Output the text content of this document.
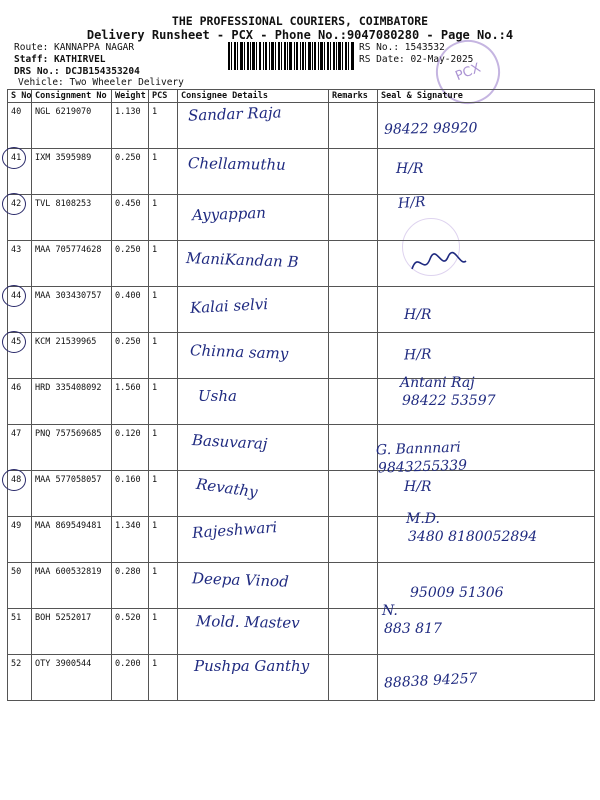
THE PROFESSIONAL COURIERS, COIMBATORE
Delivery Runsheet - PCX - Phone No.:9047080280 - Page No.:4
Route: KANNAPPA NAGAR
Staff: KATHIRVEL
DRS No.: DCJB154353204
Vehicle: Two Wheeler Delivery
RS No.: 1543532
RS Date: 02-May-2025
PCX
S No	Consignment No	Weight	PCS	Consignee Details	Remarks	Seal & Signature
40	NGL 6219070	1.130	1	Sandar Raja		98422 98920

41	IXM 3595989	0.250	1	Chellamuthu		H/R

42	TVL 8108253	0.450	1	Ayyappan		H/R

43	MAA 705774628	0.250	1	ManiKandan B

44	MAA 303430757	0.400	1	Kalai selvi		H/R

45	KCM 21539965	0.250	1	Chinna samy		H/R

46	HRD 335408092	1.560	1	Usha		Antani Raj
98422 53597

47	PNQ 757569685	0.120	1	Basuvaraj		G. Bannnari
9843255339

48	MAA 577058057	0.160	1	Revathy		H/R

49	MAA 869549481	1.340	1	Rajeshwari		M.D.
3480 8180052894

50	MAA 600532819	0.280	1	Deepa Vinod		95009 51306

51	BOH 5252017	0.520	1	Mold. Mastev		N.
883 817

52	OTY 3900544	0.200	1	Pushpa Ganthy		88838 94257
